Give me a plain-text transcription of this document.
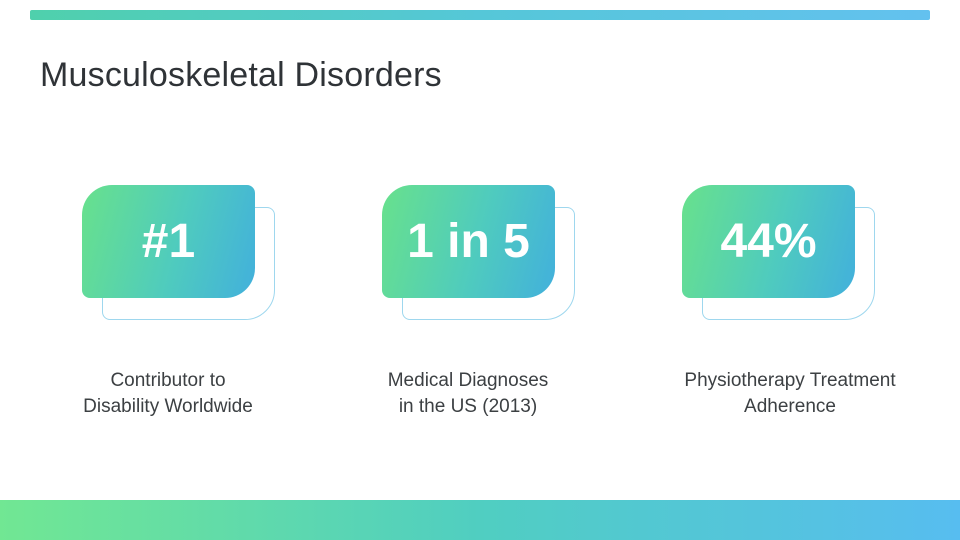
Musculoskeletal Disorders
#1	1 in 5	44%
Contributor to
Disability Worldwide
Medical Diagnoses
in the US (2013)
Physiotherapy Treatment
Adherence
